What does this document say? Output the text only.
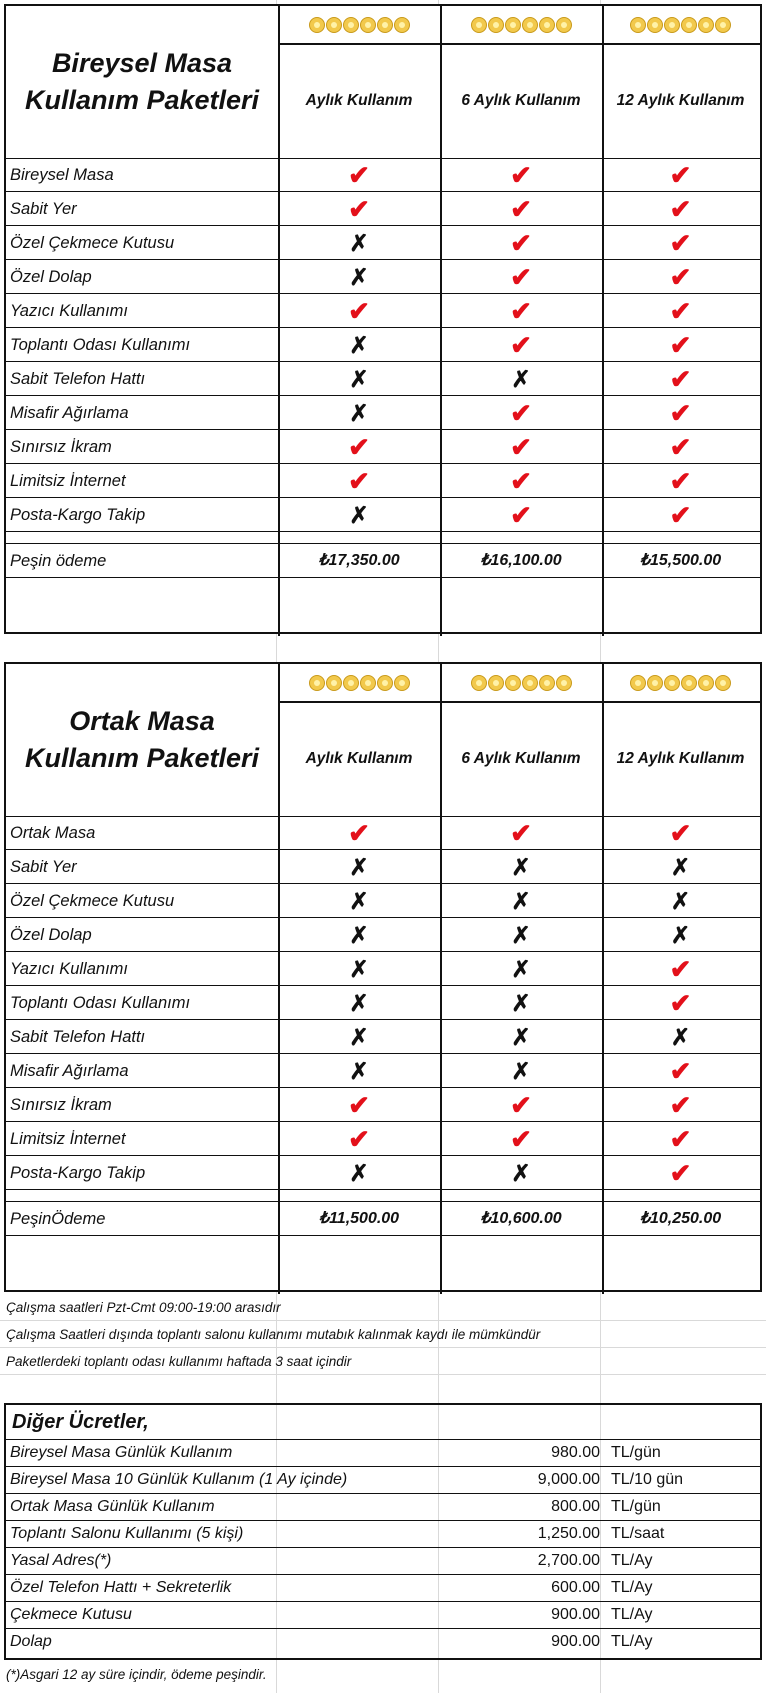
Bireysel Masa
Kullanım Paketleri	Aylık Kullanım	6 Aylık Kullanım	12 Aylık Kullanım
Bireysel Masa	✔	✔	✔
Sabit Yer	✔	✔	✔
Özel Çekmece Kutusu	✗	✔	✔
Özel Dolap	✗	✔	✔
Yazıcı Kullanımı	✔	✔	✔
Toplantı Odası Kullanımı	✗	✔	✔
Sabit Telefon Hattı	✗	✗	✔
Misafir Ağırlama	✗	✔	✔
Sınırsız İkram	✔	✔	✔
Limitsiz İnternet	✔	✔	✔
Posta-Kargo Takip	✗	✔	✔
Peşin ödeme	₺17,350.00	₺16,100.00	₺15,500.00
Ortak Masa
Kullanım Paketleri	Aylık Kullanım	6 Aylık Kullanım	12 Aylık Kullanım
Ortak Masa	✔	✔	✔
Sabit Yer	✗	✗	✗
Özel Çekmece Kutusu	✗	✗	✗
Özel Dolap	✗	✗	✗
Yazıcı Kullanımı	✗	✗	✔
Toplantı Odası Kullanımı	✗	✗	✔
Sabit Telefon Hattı	✗	✗	✗
Misafir Ağırlama	✗	✗	✔
Sınırsız İkram	✔	✔	✔
Limitsiz İnternet	✔	✔	✔
Posta-Kargo Takip	✗	✗	✔
PeşinÖdeme	₺11,500.00	₺10,600.00	₺10,250.00
Çalışma saatleri Pzt-Cmt 09:00-19:00 arasıdır
Çalışma Saatleri dışında toplantı salonu kullanımı mutabık kalınmak kaydı ile mümkündür
Paketlerdeki toplantı odası kullanımı haftada 3 saat içindir
Diğer Ücretler,
Bireysel Masa Günlük Kullanım	980.00 TL/gün
Bireysel Masa 10 Günlük Kullanım (1 Ay içinde)	9,000.00 TL/10 gün
Ortak Masa Günlük Kullanım	800.00 TL/gün
Toplantı Salonu Kullanımı (5 kişi)	1,250.00 TL/saat
Yasal Adres(*)	2,700.00 TL/Ay
Özel Telefon Hattı + Sekreterlik	600.00 TL/Ay
Çekmece Kutusu	900.00 TL/Ay
Dolap	900.00 TL/Ay
(*)Asgari 12 ay süre içindir, ödeme peşindir.
